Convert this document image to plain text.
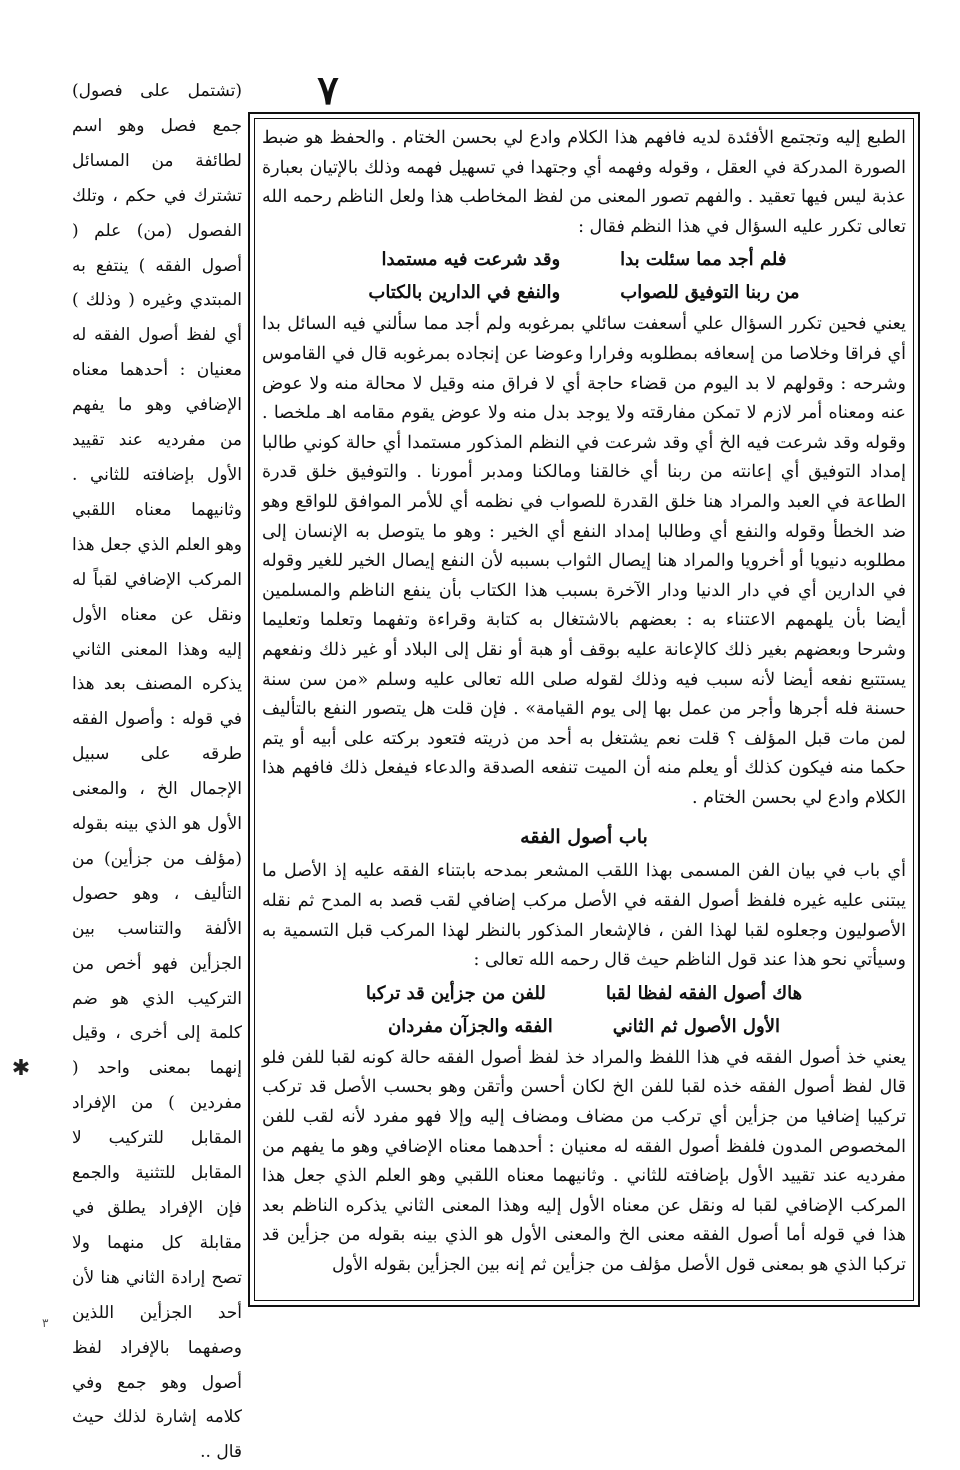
(تشتمل على فصول) جمع فصل وهو اسم لطائفة من المسائل تشترك في حكم ، وتلك الفصول (من) علم ( أصول الفقه ) ينتفع به المبتدي وغيره ( وذلك ) أي لفظ أصول الفقه له معنيان : أحدهما معناه الإضافي وهو ما يفهم من مفرديه عند تقييد الأول بإضافته للثاني . وثانيهما معناه اللقبي وهو العلم الذي جعل هذا المركب الإضافي لقباً له ونقل عن معناه الأول إليه وهذا المعنى الثاني يذكره المصنف بعد هذا في قوله : وأصول الفقه طرقه على سبيل الإجمال الخ ، والمعنى الأول هو الذي بينه بقوله (مؤلف من جزأين) من التأليف ، وهو حصول الألفة والتناسب بين الجزأين فهو أخص من التركيب الذي هو ضم كلمة إلى أخرى ، وقيل إنهما بمعنى واحد ( مفردين ) من الإفراد المقابل للتركيب لا المقابل للتثنية والجمع فإن الإفراد يطلق في مقابلة كل منهما ولا تصح إرادة الثاني هنا لأن أحد الجزأين اللذين وصفهما بالإفراد لفظ أصول وهو جمع وفي كلامه إشارة لذلك حيث قال ..

٧

الطبع إليه وتجتمع الأفئدة لديه فافهم هذا الكلام وادع لي بحسن الختام . والحفظ هو ضبط الصورة المدركة في العقل ، وقوله وفهمه أي وجتهدا في تسهيل فهمه وذلك بالإتيان بعبارة عذبة ليس فيها تعقيد . والفهم تصور المعنى من لفظ المخاطب هذا ولعل الناظم رحمه الله تعالى تكرر عليه السؤال في هذا النظم فقال :

فلم أجد مما سئلت بدا
وقد شرعت فيه مستمدا
من ربنا التوفيق للصواب
والنفع في الدارين بالكتاب

يعني فحين تكرر السؤال علي أسعفت سائلي بمرغوبه ولم أجد مما سألني فيه السائل بدا أي فراقا وخلاصا من إسعافه بمطلوبه وفرارا وعوضا عن إنجاده بمرغوبه قال في القاموس وشرحه : وقولهم لا بد اليوم من قضاء حاجة أي لا فراق منه وقيل لا محالة منه ولا عوض عنه ومعناه أمر لازم لا تمكن مفارقته ولا يوجد بدل منه ولا عوض يقوم مقامه اهـ ملخصا . وقوله وقد شرعت فيه الخ أي وقد شرعت في النظم المذكور مستمدا أي حالة كوني طالبا إمداد التوفيق أي إعانته من ربنا أي خالقنا ومالكنا ومدبر أمورنا . والتوفيق خلق قدرة الطاعة في العبد والمراد هنا خلق القدرة للصواب في نظمه أي للأمر الموافق للواقع وهو ضد الخطأ وقوله والنفع أي وطالبا إمداد النفع أي الخير : وهو ما يتوصل به الإنسان إلى مطلوبه دنيويا أو أخرويا والمراد هنا إيصال الثواب بسببه لأن النفع إيصال الخير للغير وقوله في الدارين أي في دار الدنيا ودار الآخرة بسبب هذا الكتاب بأن ينفع الناظم والمسلمين أيضا بأن يلهمهم الاعتناء به : بعضهم بالاشتغال به كتابة وقراءة وتفهما وتعلما وتعليما وشرحا وبعضهم بغير ذلك كالإعانة عليه بوقف أو هبة أو نقل إلى البلاد أو غير ذلك ونفعهم يستتبع نفعه أيضا لأنه سبب فيه وذلك لقوله صلى الله تعالى عليه وسلم «من سن سنة حسنة فله أجرها وأجر من عمل بها إلى يوم القيامة» . فإن قلت هل يتصور النفع بالتأليف لمن مات قبل المؤلف ؟ قلت نعم يشتغل به أحد من ذريته فتعود بركته على أبيه أو يتم حكما منه فيكون كذلك أو يعلم منه أن الميت تنفعه الصدقة والدعاء فيفعل ذلك فافهم هذا الكلام وادع لي بحسن الختام .

باب أصول الفقه

أي باب في بيان الفن المسمى بهذا اللقب المشعر بمدحه بابتناء الفقه عليه إذ الأصل ما يبتنى عليه غيره فلفظ أصول الفقه في الأصل مركب إضافي لقب قصد به المدح ثم نقله الأصوليون وجعلوه لقبا لهذا الفن ، فالإشعار المذكور بالنظر لهذا المركب قبل التسمية به وسيأتي نحو هذا عند قول الناظم حيث قال رحمه الله تعالى :

هاك أصول الفقه لفظا لقبا
للفن من جزأين قد تركبا
الأول الأصول ثم الثاني
الفقه والجزآن مفردان

يعني خذ أصول الفقه في هذا اللفظ والمراد خذ لفظ أصول الفقه حالة كونه لقبا للفن فلو قال لفظ أصول الفقه خذه لقبا للفن الخ لكان أحسن وأتقن وهو بحسب الأصل قد تركب تركيبا إضافيا من جزأين أي تركب من مضاف ومضاف إليه وإلا فهو مفرد لأنه لقب للفن المخصوص المدون فلفظ أصول الفقه له معنيان : أحدهما معناه الإضافي وهو ما يفهم من مفرديه عند تقييد الأول بإضافته للثاني . وثانيهما معناه اللقبي وهو العلم الذي جعل هذا المركب الإضافي لقبا له ونقل عن معناه الأول إليه وهذا المعنى الثاني يذكره الناظم بعد هذا في قوله أما أصول الفقه معنى الخ والمعنى الأول هو الذي بينه بقوله من جزأين قد تركبا الذي هو بمعنى قول الأصل مؤلف من جزأين ثم إنه بين الجزأين بقوله الأول

✱
٣
